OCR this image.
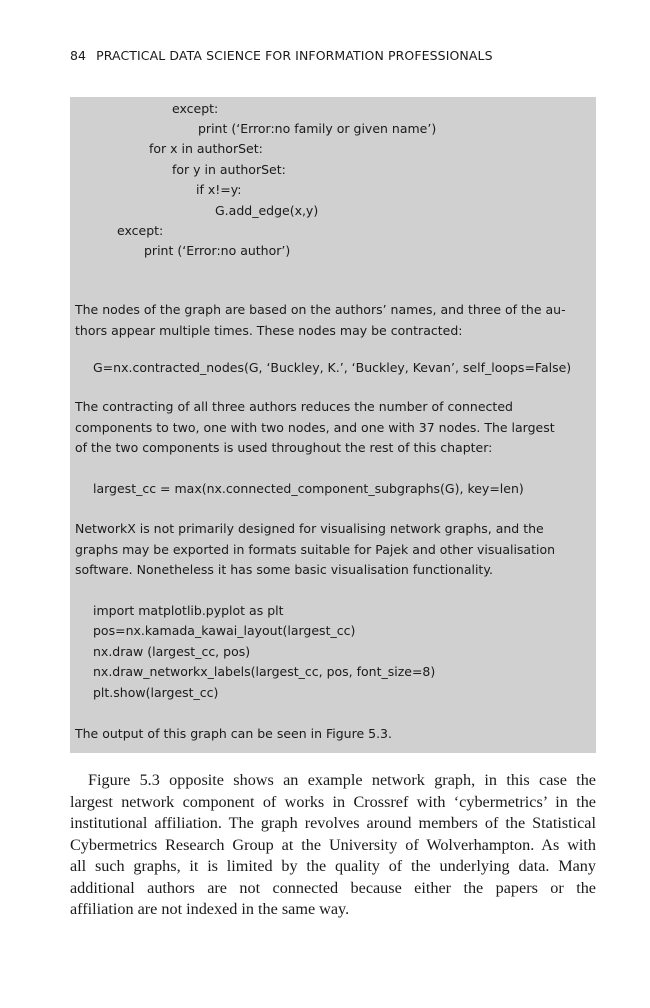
84 PRACTICAL DATA SCIENCE FOR INFORMATION PROFESSIONALS
except:
print (‘Error:no family or given name’)
for x in authorSet:
for y in authorSet:
if x!=y:
G.add_edge(x,y)
except:
print (‘Error:no author’)
The nodes of the graph are based on the authors’ names, and three of the au-
thors appear multiple times. These nodes may be contracted:
G=nx.contracted_nodes(G, ‘Buckley, K.’, ‘Buckley, Kevan’, self_loops=False)
The contracting of all three authors reduces the number of connected
components to two, one with two nodes, and one with 37 nodes. The largest
of the two components is used throughout the rest of this chapter:
largest_cc = max(nx.connected_component_subgraphs(G), key=len)
NetworkX is not primarily designed for visualising network graphs, and the
graphs may be exported in formats suitable for Pajek and other visualisation
software. Nonetheless it has some basic visualisation functionality.
import matplotlib.pyplot as plt
pos=nx.kamada_kawai_layout(largest_cc)
nx.draw (largest_cc, pos)
nx.draw_networkx_labels(largest_cc, pos, font_size=8)
plt.show(largest_cc)
The output of this graph can be seen in Figure 5.3.
Figure 5.3 opposite shows an example network graph, in this case the
largest network component of works in Crossref with ‘cybermetrics’ in the
institutional affiliation. The graph revolves around members of the Statistical
Cybermetrics Research Group at the University of Wolverhampton. As with
all such graphs, it is limited by the quality of the underlying data. Many
additional authors are not connected because either the papers or the
affiliation are not indexed in the same way.
